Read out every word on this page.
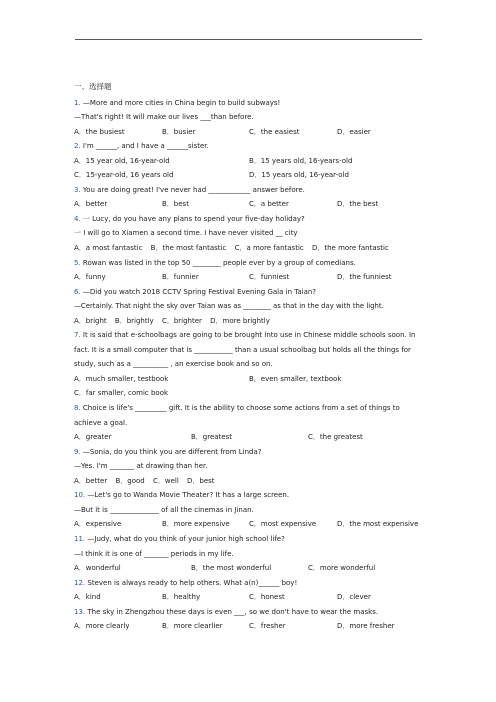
一、选择题
1. —More and more cities in China begin to build subways!
—That's right! It will make our lives ___than before.
A．the busiest	B．busier	C．the easiest	D．easier
2. I'm ______, and I have a ______sister.
A．15 year old, 16-year-old	B．15 years old, 16-years-old
C．15-year-old, 16 years old	D．15 years old, 16-year-old
3. You are doing great! I've never had ____________ answer before.
A．better	B．best	C．a better	D．the best
4. 一 Lucy, do you have any plans to spend your five-day holiday?
一 I will go to Xiamen a second time. I have never visited __ city
A．a most fantastic B．the most fantastic C．a more fantastic D．the more fantastic
5. Rowan was listed in the top 50 ________ people ever by a group of comedians.
A．funny	B．funnier	C．funniest	D．the funniest
6. —Did you watch 2018 CCTV Spring Festival Evening Gala in Taian?
—Certainly. That night the sky over Taian was as ________ as that in the day with the light.
A．bright B．brightly C．brighter D．more brightly
7. It is said that e-schoolbags are going to be brought into use in Chinese middle schools soon. In fact. It is a small computer that is ___________ than a usual schoolbag but holds all the things for study, such as a __________ , an exercise book and so on.
A．much smaller, testbook	B．even smaller, textbook
C．far smaller, comic book
8. Choice is life's _________ gift. It is the ability to choose some actions from a set of things to achieve a goal.
A．greater	B．greatest	C．the greatest
9. —Sonia, do you think you are different from Linda?
—Yes. I'm _______ at drawing than her.
A．better B．good C．well D．best
10. —Let's go to Wanda Movie Theater? It has a large screen.
—But it is ______________ of all the cinemas in Jinan.
A．expensive	B．more expensive	C．most expensive	D．the most expensive
11. —Judy, what do you think of your junior high school life?
—I think it is one of _______ periods in my life.
A．wonderful	B．the most wonderful	C．more wonderful
12. Steven is always ready to help others. What a(n)______ boy!
A．kind	B．healthy	C．honest	D．clever
13. The sky in Zhengzhou these days is even ___, so we don't have to wear the masks.
A．more clearly	B．more clearlier	C．fresher	D．more fresher
